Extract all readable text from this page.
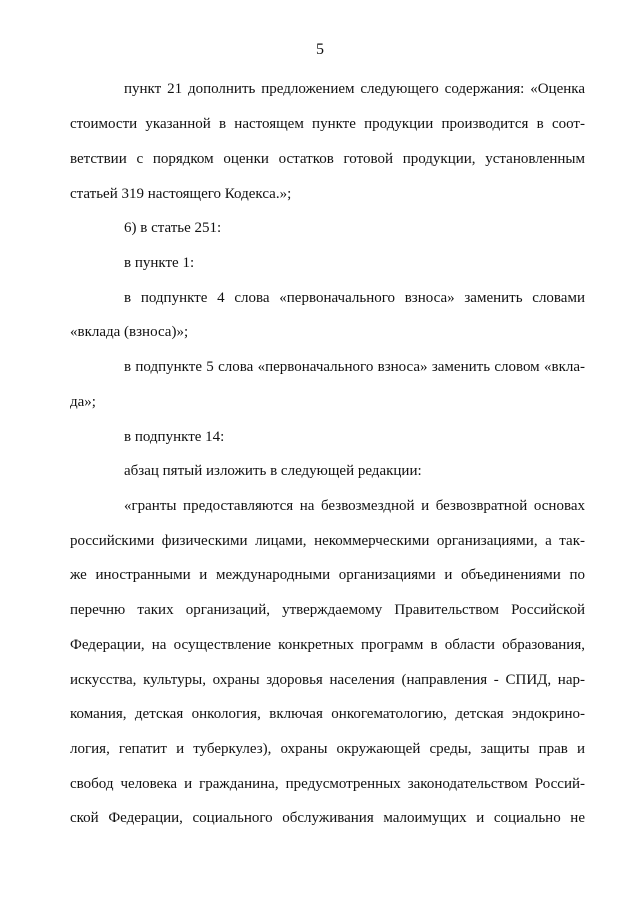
5
пункт 21 дополнить предложением следующего содержания: «Оценка
стоимости указанной в настоящем пункте продукции производится в соот-
ветствии с порядком оценки остатков готовой продукции, установленным
статьей 319 настоящего Кодекса.»;
6) в статье 251:
в пункте 1:
в подпункте 4 слова «первоначального взноса» заменить словами
«вклада (взноса)»;
в подпункте 5 слова «первоначального взноса» заменить словом «вкла-
да»;
в подпункте 14:
абзац пятый изложить в следующей редакции:
«гранты предоставляются на безвозмездной и безвозвратной основах
российскими физическими лицами, некоммерческими организациями, а так-
же иностранными и международными организациями и объединениями по
перечню таких организаций, утверждаемому Правительством Российской
Федерации, на осуществление конкретных программ в области образования,
искусства, культуры, охраны здоровья населения (направления - СПИД, нар-
комания, детская онкология, включая онкогематологию, детская эндокрино-
логия, гепатит и туберкулез), охраны окружающей среды, защиты прав и
свобод человека и гражданина, предусмотренных законодательством Россий-
ской Федерации, социального обслуживания малоимущих и социально не
